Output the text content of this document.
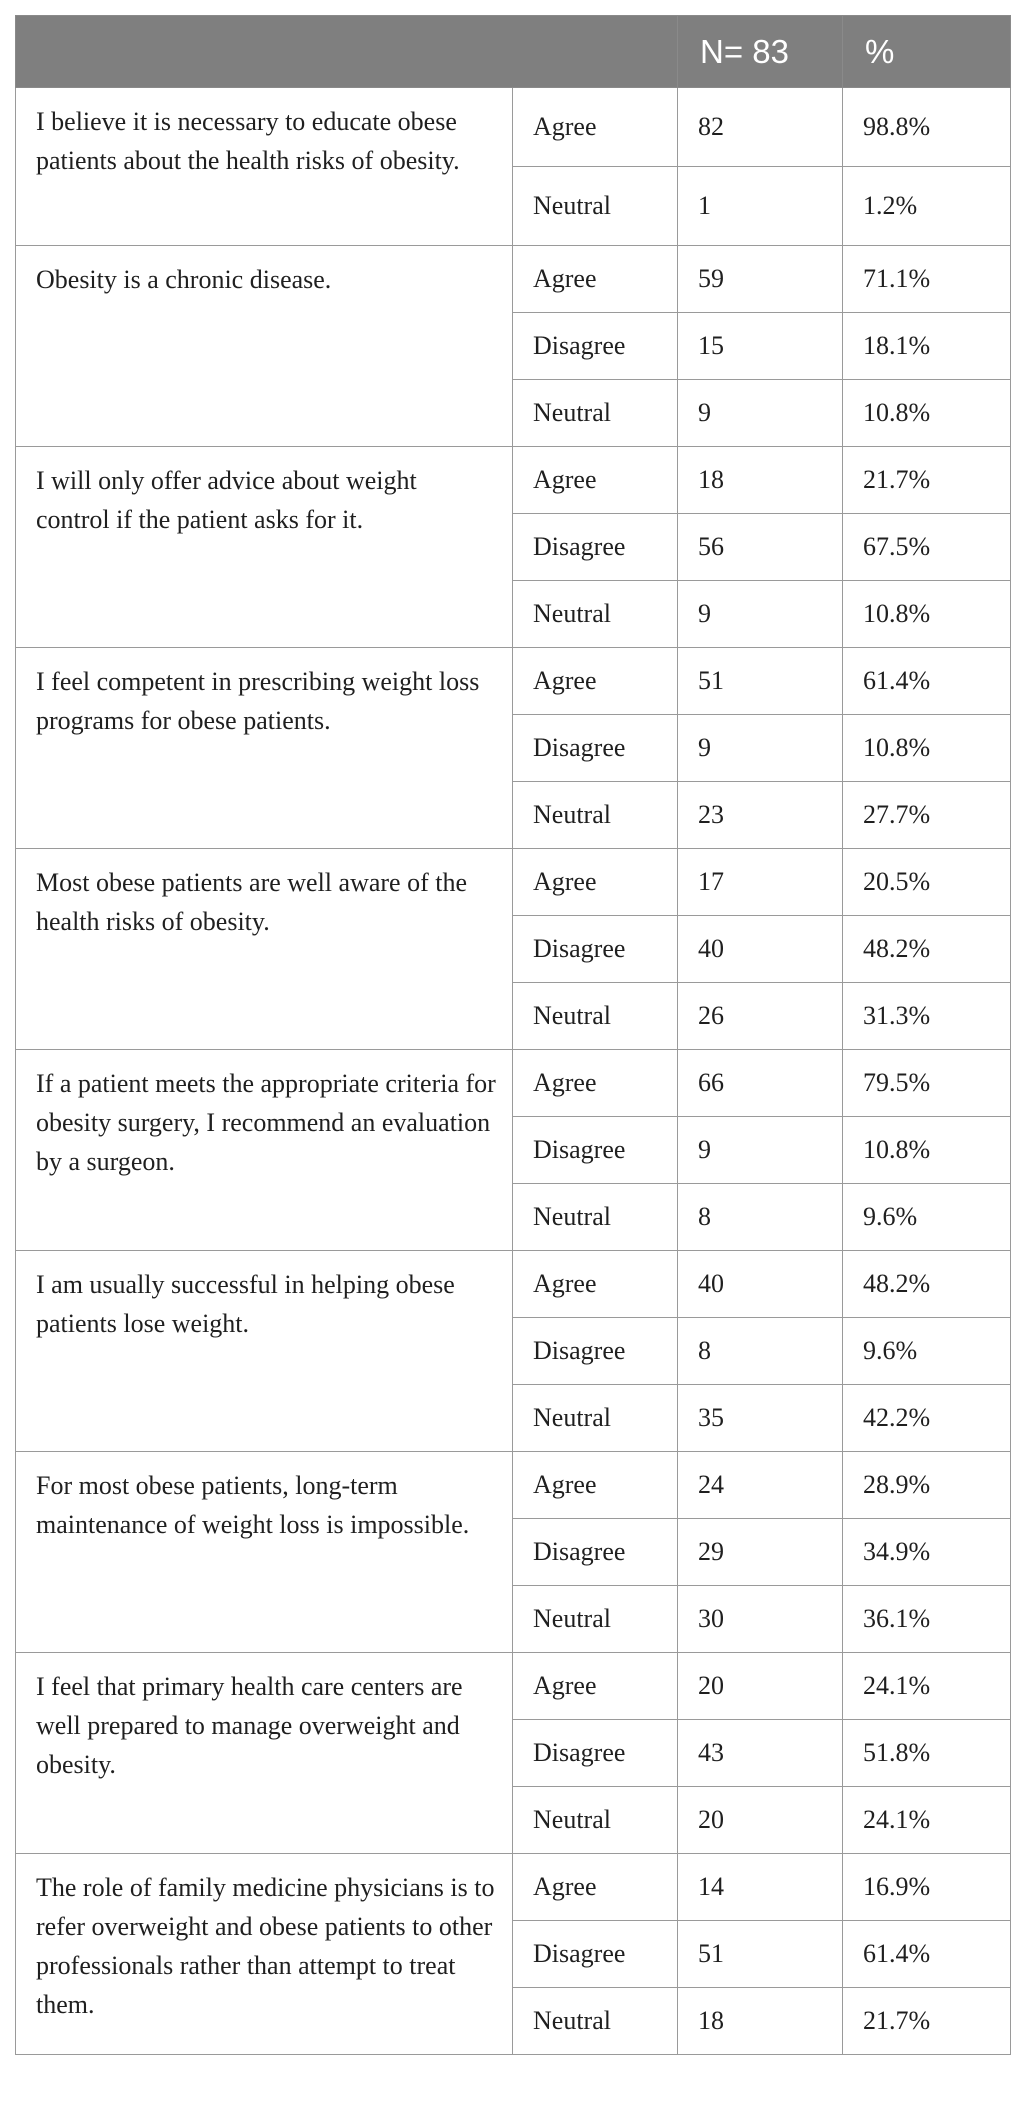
		N= 83	%
I believe it is necessary to educate obese patients about the health risks of obesity.	Agree	82	98.8%
	Neutral	1	1.2%
Obesity is a chronic disease.	Agree	59	71.1%
	Disagree	15	18.1%
	Neutral	9	10.8%
I will only offer advice about weight control if the patient asks for it.	Agree	18	21.7%
	Disagree	56	67.5%
	Neutral	9	10.8%
I feel competent in prescribing weight loss programs for obese patients.	Agree	51	61.4%
	Disagree	9	10.8%
	Neutral	23	27.7%
Most obese patients are well aware of the health risks of obesity.	Agree	17	20.5%
	Disagree	40	48.2%
	Neutral	26	31.3%
If a patient meets the appropriate criteria for obesity surgery, I recommend an evaluation by a surgeon.	Agree	66	79.5%
	Disagree	9	10.8%
	Neutral	8	9.6%
I am usually successful in helping obese patients lose weight.	Agree	40	48.2%
	Disagree	8	9.6%
	Neutral	35	42.2%
For most obese patients, long-term maintenance of weight loss is impossible.	Agree	24	28.9%
	Disagree	29	34.9%
	Neutral	30	36.1%
I feel that primary health care centers are well prepared to manage overweight and obesity.	Agree	20	24.1%
	Disagree	43	51.8%
	Neutral	20	24.1%
The role of family medicine physicians is to refer overweight and obese patients to other professionals rather than attempt to treat them.	Agree	14	16.9%
	Disagree	51	61.4%
	Neutral	18	21.7%
